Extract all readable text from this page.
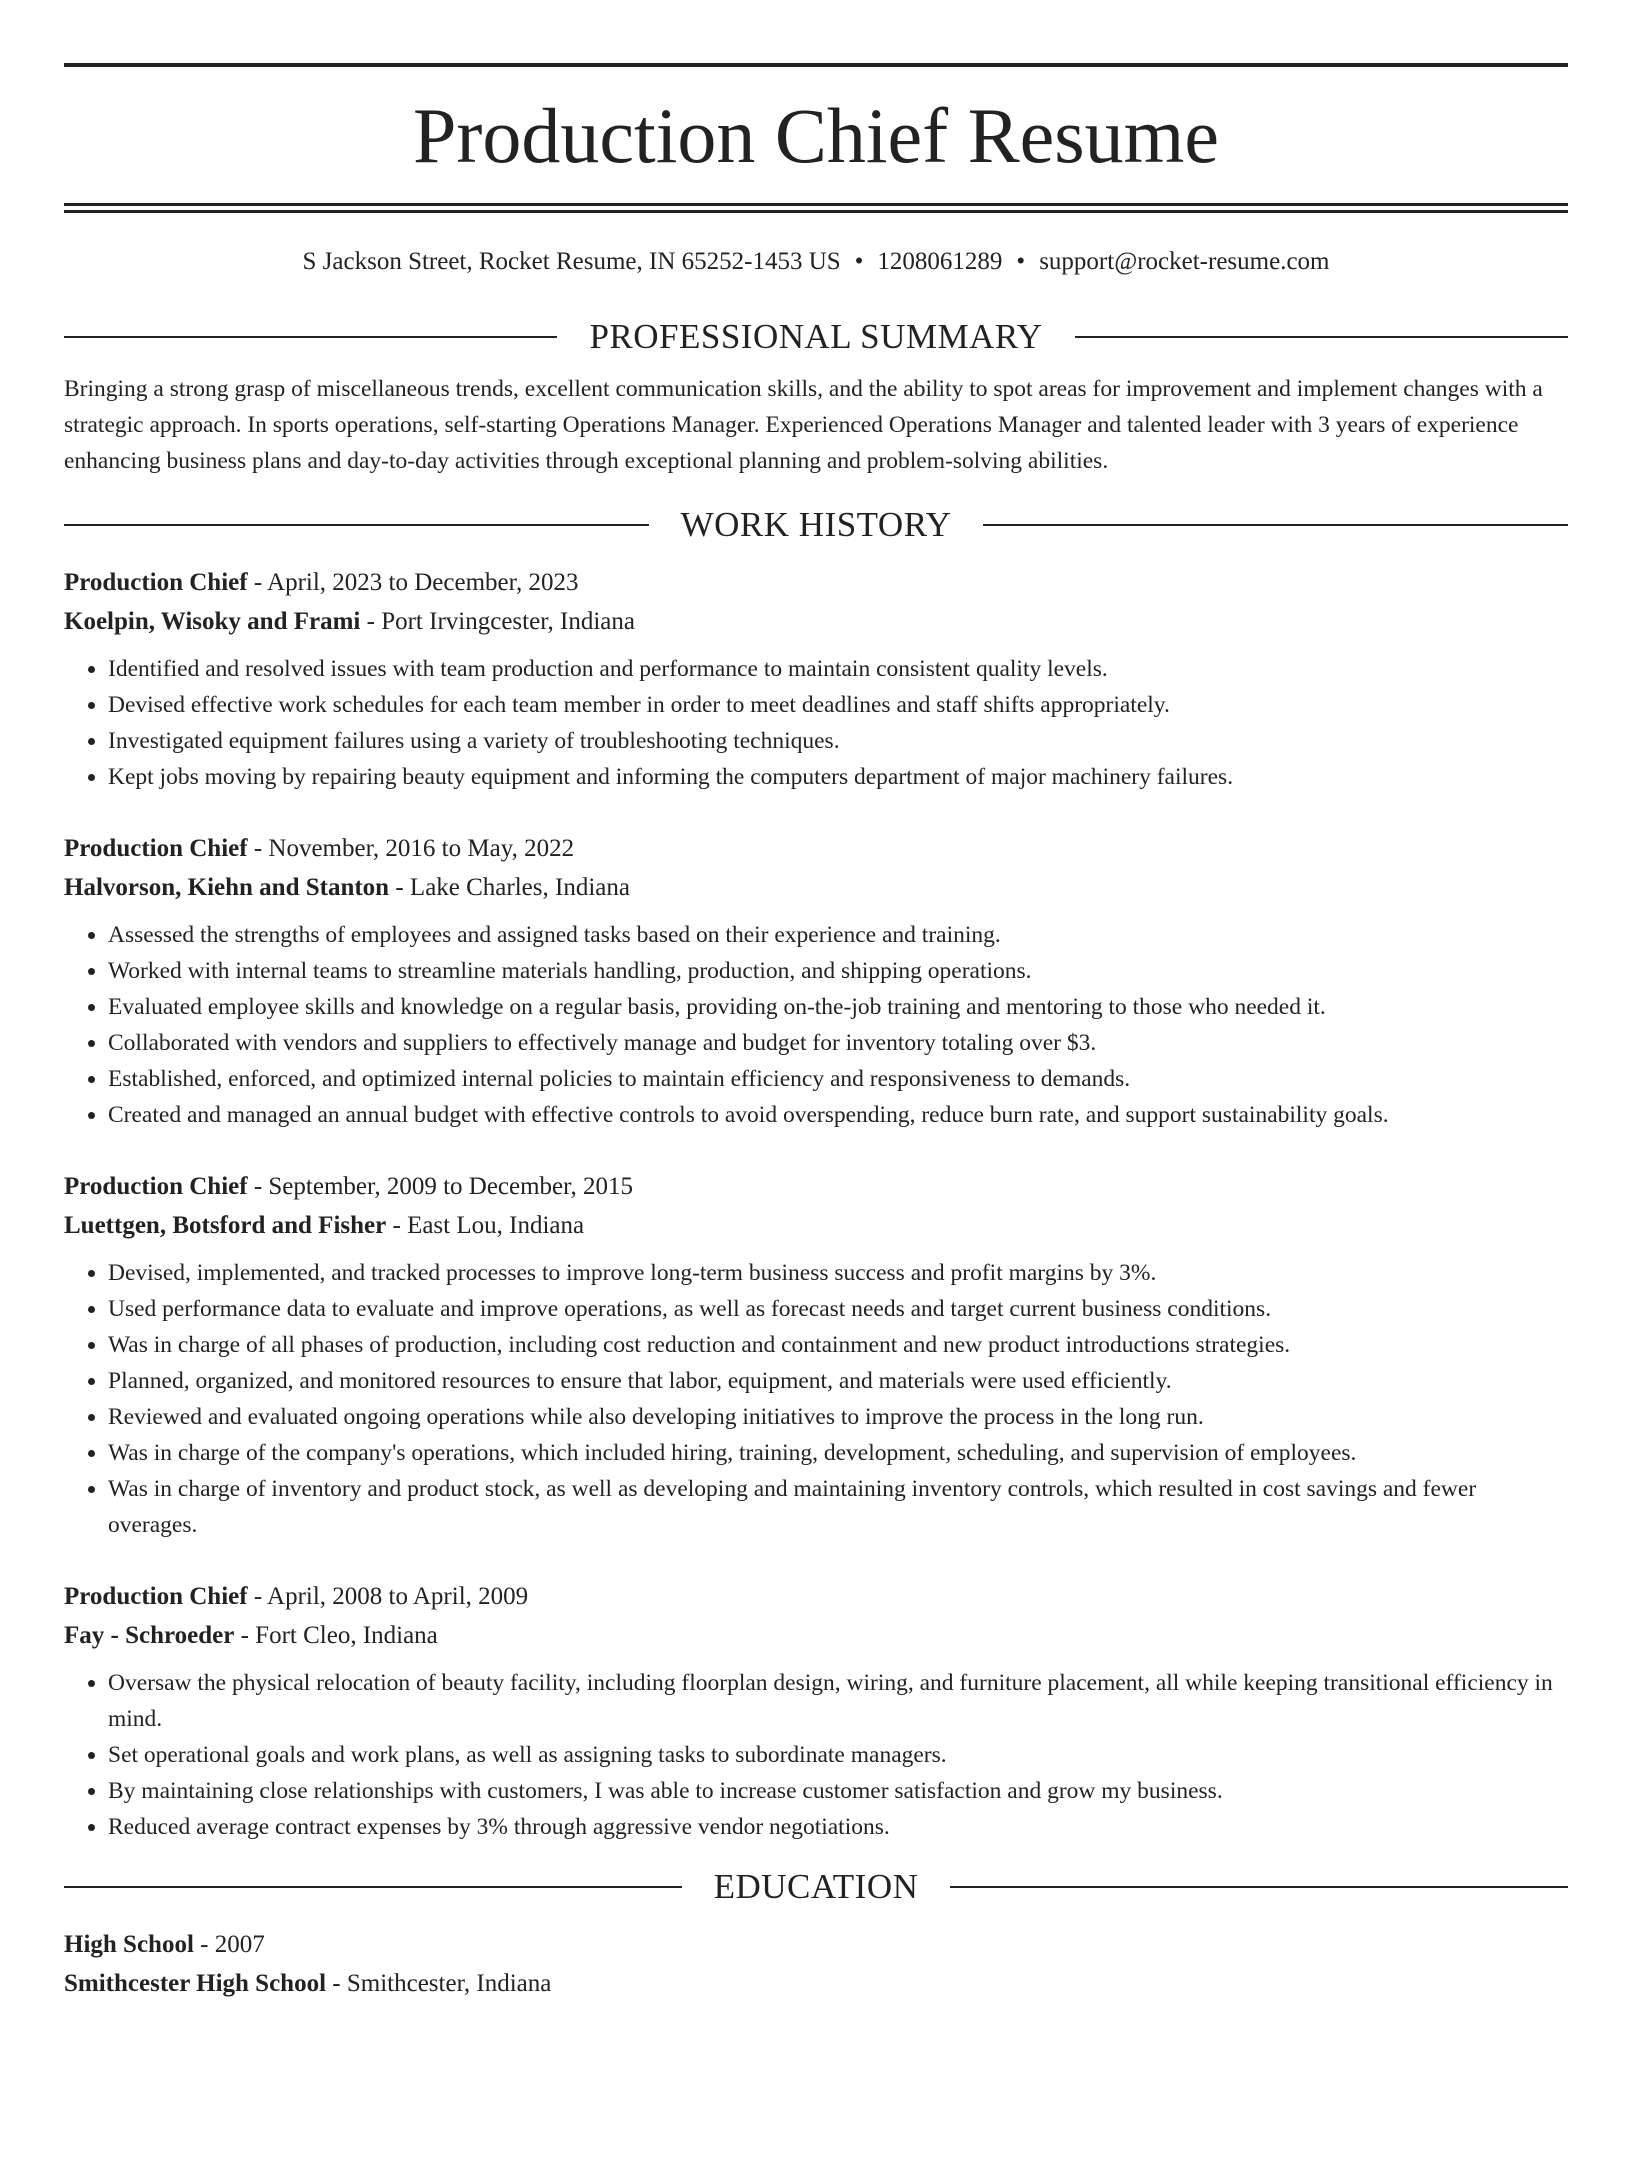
Production Chief Resume
S Jackson Street, Rocket Resume, IN 65252-1453 US • 1208061289 • support@rocket-resume.com
PROFESSIONAL SUMMARY

Bringing a strong grasp of miscellaneous trends, excellent communication skills, and the ability to spot areas for improvement and implement changes with a strategic approach. In sports operations, self-starting Operations Manager. Experienced Operations Manager and talented leader with 3 years of experience enhancing business plans and day-to-day activities through exceptional planning and problem-solving abilities.

WORK HISTORY
Production Chief - April, 2023 to December, 2023
Koelpin, Wisoky and Frami - Port Irvingcester, Indiana
• Identified and resolved issues with team production and performance to maintain consistent quality levels.
• Devised effective work schedules for each team member in order to meet deadlines and staff shifts appropriately.
• Investigated equipment failures using a variety of troubleshooting techniques.
• Kept jobs moving by repairing beauty equipment and informing the computers department of major machinery failures.
Production Chief - November, 2016 to May, 2022
Halvorson, Kiehn and Stanton - Lake Charles, Indiana
• Assessed the strengths of employees and assigned tasks based on their experience and training.
• Worked with internal teams to streamline materials handling, production, and shipping operations.
• Evaluated employee skills and knowledge on a regular basis, providing on-the-job training and mentoring to those who needed it.
• Collaborated with vendors and suppliers to effectively manage and budget for inventory totaling over $3.
• Established, enforced, and optimized internal policies to maintain efficiency and responsiveness to demands.
• Created and managed an annual budget with effective controls to avoid overspending, reduce burn rate, and support sustainability goals.
Production Chief - September, 2009 to December, 2015
Luettgen, Botsford and Fisher - East Lou, Indiana
• Devised, implemented, and tracked processes to improve long-term business success and profit margins by 3%.
• Used performance data to evaluate and improve operations, as well as forecast needs and target current business conditions.
• Was in charge of all phases of production, including cost reduction and containment and new product introductions strategies.
• Planned, organized, and monitored resources to ensure that labor, equipment, and materials were used efficiently.
• Reviewed and evaluated ongoing operations while also developing initiatives to improve the process in the long run.
• Was in charge of the company's operations, which included hiring, training, development, scheduling, and supervision of employees.
• Was in charge of inventory and product stock, as well as developing and maintaining inventory controls, which resulted in cost savings and fewer overages.
Production Chief - April, 2008 to April, 2009
Fay - Schroeder - Fort Cleo, Indiana
• Oversaw the physical relocation of beauty facility, including floorplan design, wiring, and furniture placement, all while keeping transitional efficiency in mind.
• Set operational goals and work plans, as well as assigning tasks to subordinate managers.
• By maintaining close relationships with customers, I was able to increase customer satisfaction and grow my business.
• Reduced average contract expenses by 3% through aggressive vendor negotiations.
EDUCATION
High School - 2007
Smithcester High School - Smithcester, Indiana
